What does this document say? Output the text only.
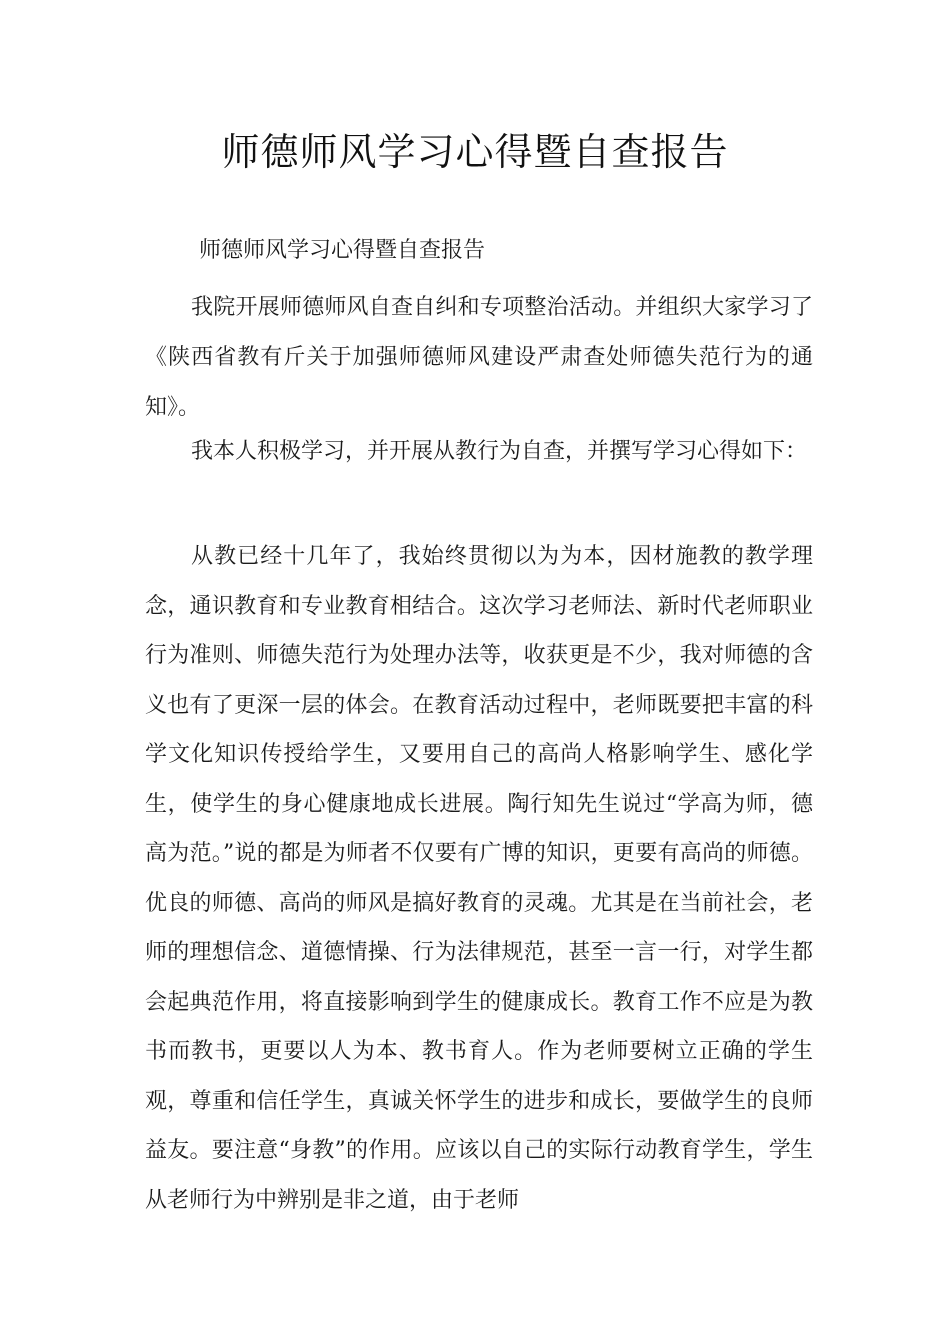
师德师风学习心得暨自查报告
师德师风学习心得暨自查报告

我院开展师德师风自查自纠和专项整治活动。并组织大家学习了《陕西省教有斤关于加强师德师风建设严肃查处师德失范行为的通知》。

我本人积极学习，并开展从教行为自查，并撰写学习心得如下：

从教已经十几年了，我始终贯彻以为为本，因材施教的教学理念，通识教育和专业教育相结合。这次学习老师法、新时代老师职业行为准则、师德失范行为处理办法等，收获更是不少，我对师德的含义也有了更深一层的体会。在教育活动过程中，老师既要把丰富的科学文化知识传授给学生，又要用自己的高尚人格影响学生、感化学生，使学生的身心健康地成长进展。陶行知先生说过“学高为师，德高为范。”说的都是为师者不仅要有广博的知识，更要有高尚的师德。优良的师德、高尚的师风是搞好教育的灵魂。尤其是在当前社会，老师的理想信念、道德情操、行为法律规范，甚至一言一行，对学生都会起典范作用，将直接影响到学生的健康成长。教育工作不应是为教书而教书，更要以人为本、教书育人。作为老师要树立正确的学生观，尊重和信任学生，真诚关怀学生的进步和成长，要做学生的良师益友。要注意“身教”的作用。应该以自己的实际行动教育学生，学生从老师行为中辨别是非之道，由于老师
